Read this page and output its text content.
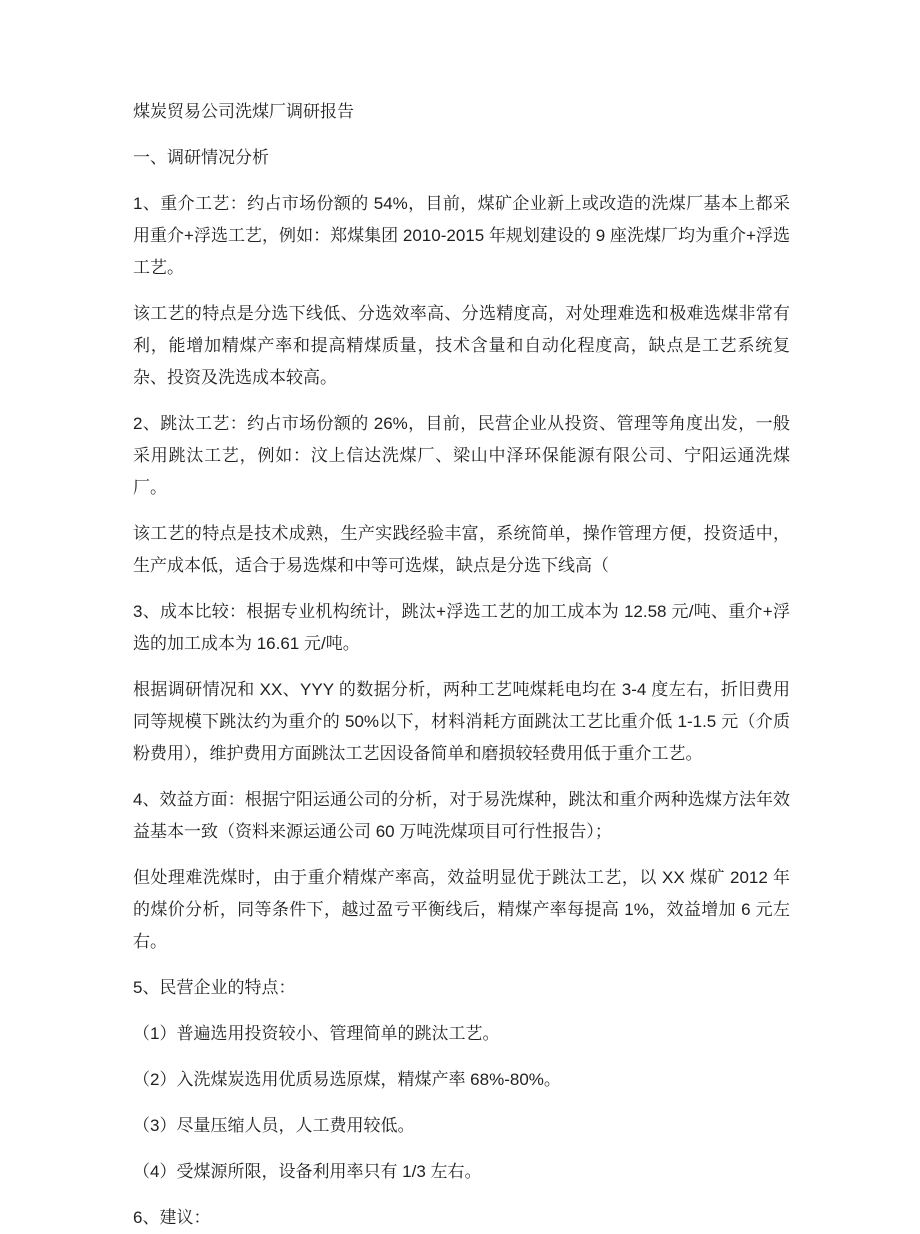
煤炭贸易公司洗煤厂调研报告

一、调研情况分析

1、重介工艺：约占市场份额的 54%，目前，煤矿企业新上或改造的洗煤厂基本上都采用重介+浮选工艺，例如：郑煤集团 2010-2015 年规划建设的 9 座洗煤厂均为重介+浮选工艺。

该工艺的特点是分选下线低、分选效率高、分选精度高，对处理难选和极难选煤非常有利，能增加精煤产率和提高精煤质量，技术含量和自动化程度高，缺点是工艺系统复杂、投资及洗选成本较高。

2、跳汰工艺：约占市场份额的 26%，目前，民营企业从投资、管理等角度出发，一般采用跳汰工艺，例如：汶上信达洗煤厂、梁山中泽环保能源有限公司、宁阳运通洗煤厂。

该工艺的特点是技术成熟，生产实践经验丰富，系统简单，操作管理方便，投资适中，生产成本低，适合于易选煤和中等可选煤，缺点是分选下线高（

3、成本比较：根据专业机构统计，跳汰+浮选工艺的加工成本为 12.58 元/吨、重介+浮选的加工成本为 16.61 元/吨。

根据调研情况和 XX、YYY 的数据分析，两种工艺吨煤耗电均在 3-4 度左右，折旧费用同等规模下跳汰约为重介的 50%以下，材料消耗方面跳汰工艺比重介低 1-1.5 元（介质粉费用），维护费用方面跳汰工艺因设备简单和磨损较轻费用低于重介工艺。

4、效益方面：根据宁阳运通公司的分析，对于易洗煤种，跳汰和重介两种选煤方法年效益基本一致（资料来源运通公司 60 万吨洗煤项目可行性报告）；

但处理难洗煤时，由于重介精煤产率高，效益明显优于跳汰工艺，以 XX 煤矿 2012 年的煤价分析，同等条件下，越过盈亏平衡线后，精煤产率每提高 1%，效益增加 6 元左右。

5、民营企业的特点：

（1）普遍选用投资较小、管理简单的跳汰工艺。

（2）入洗煤炭选用优质易选原煤，精煤产率 68%-80%。

（3）尽量压缩人员，人工费用较低。

（4）受煤源所限，设备利用率只有 1/3 左右。

6、建议：
